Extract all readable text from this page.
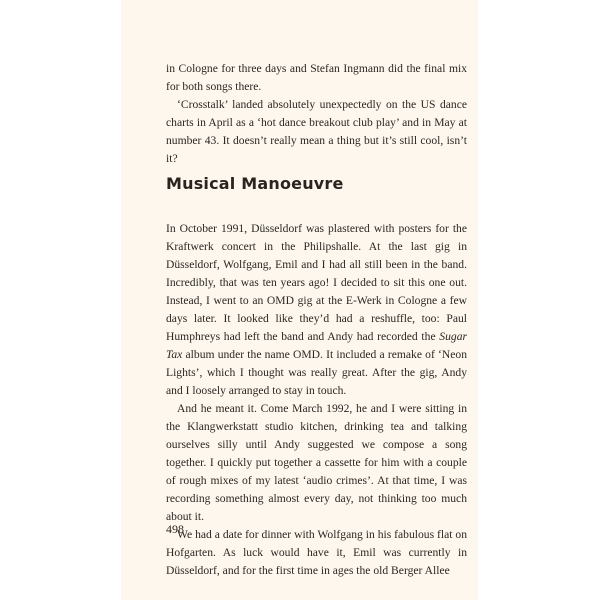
in Cologne for three days and Stefan Ingmann did the final mix for both songs there.

‘Crosstalk’ landed absolutely unexpectedly on the US dance charts in April as a ‘hot dance breakout club play’ and in May at number 43. It doesn’t really mean a thing but it’s still cool, isn’t it?

Musical Manoeuvre

In October 1991, Düsseldorf was plastered with posters for the Kraftwerk concert in the Philipshalle. At the last gig in Düsseldorf, Wolfgang, Emil and I had all still been in the band. Incredibly, that was ten years ago! I decided to sit this one out. Instead, I went to an OMD gig at the E-Werk in Cologne a few days later. It looked like they’d had a reshuffle, too: Paul Humphreys had left the band and Andy had recorded the Sugar Tax album under the name OMD. It included a remake of ‘Neon Lights’, which I thought was really great. After the gig, Andy and I loosely arranged to stay in touch.

And he meant it. Come March 1992, he and I were sitting in the Klangwerkstatt studio kitchen, drinking tea and talking ourselves silly until Andy suggested we compose a song together. I quickly put together a cassette for him with a couple of rough mixes of my latest ‘audio crimes’. At that time, I was recording something almost every day, not thinking too much about it.

We had a date for dinner with Wolfgang in his fabulous flat on Hofgarten. As luck would have it, Emil was currently in Düsseldorf, and for the first time in ages the old Berger Allee

498
